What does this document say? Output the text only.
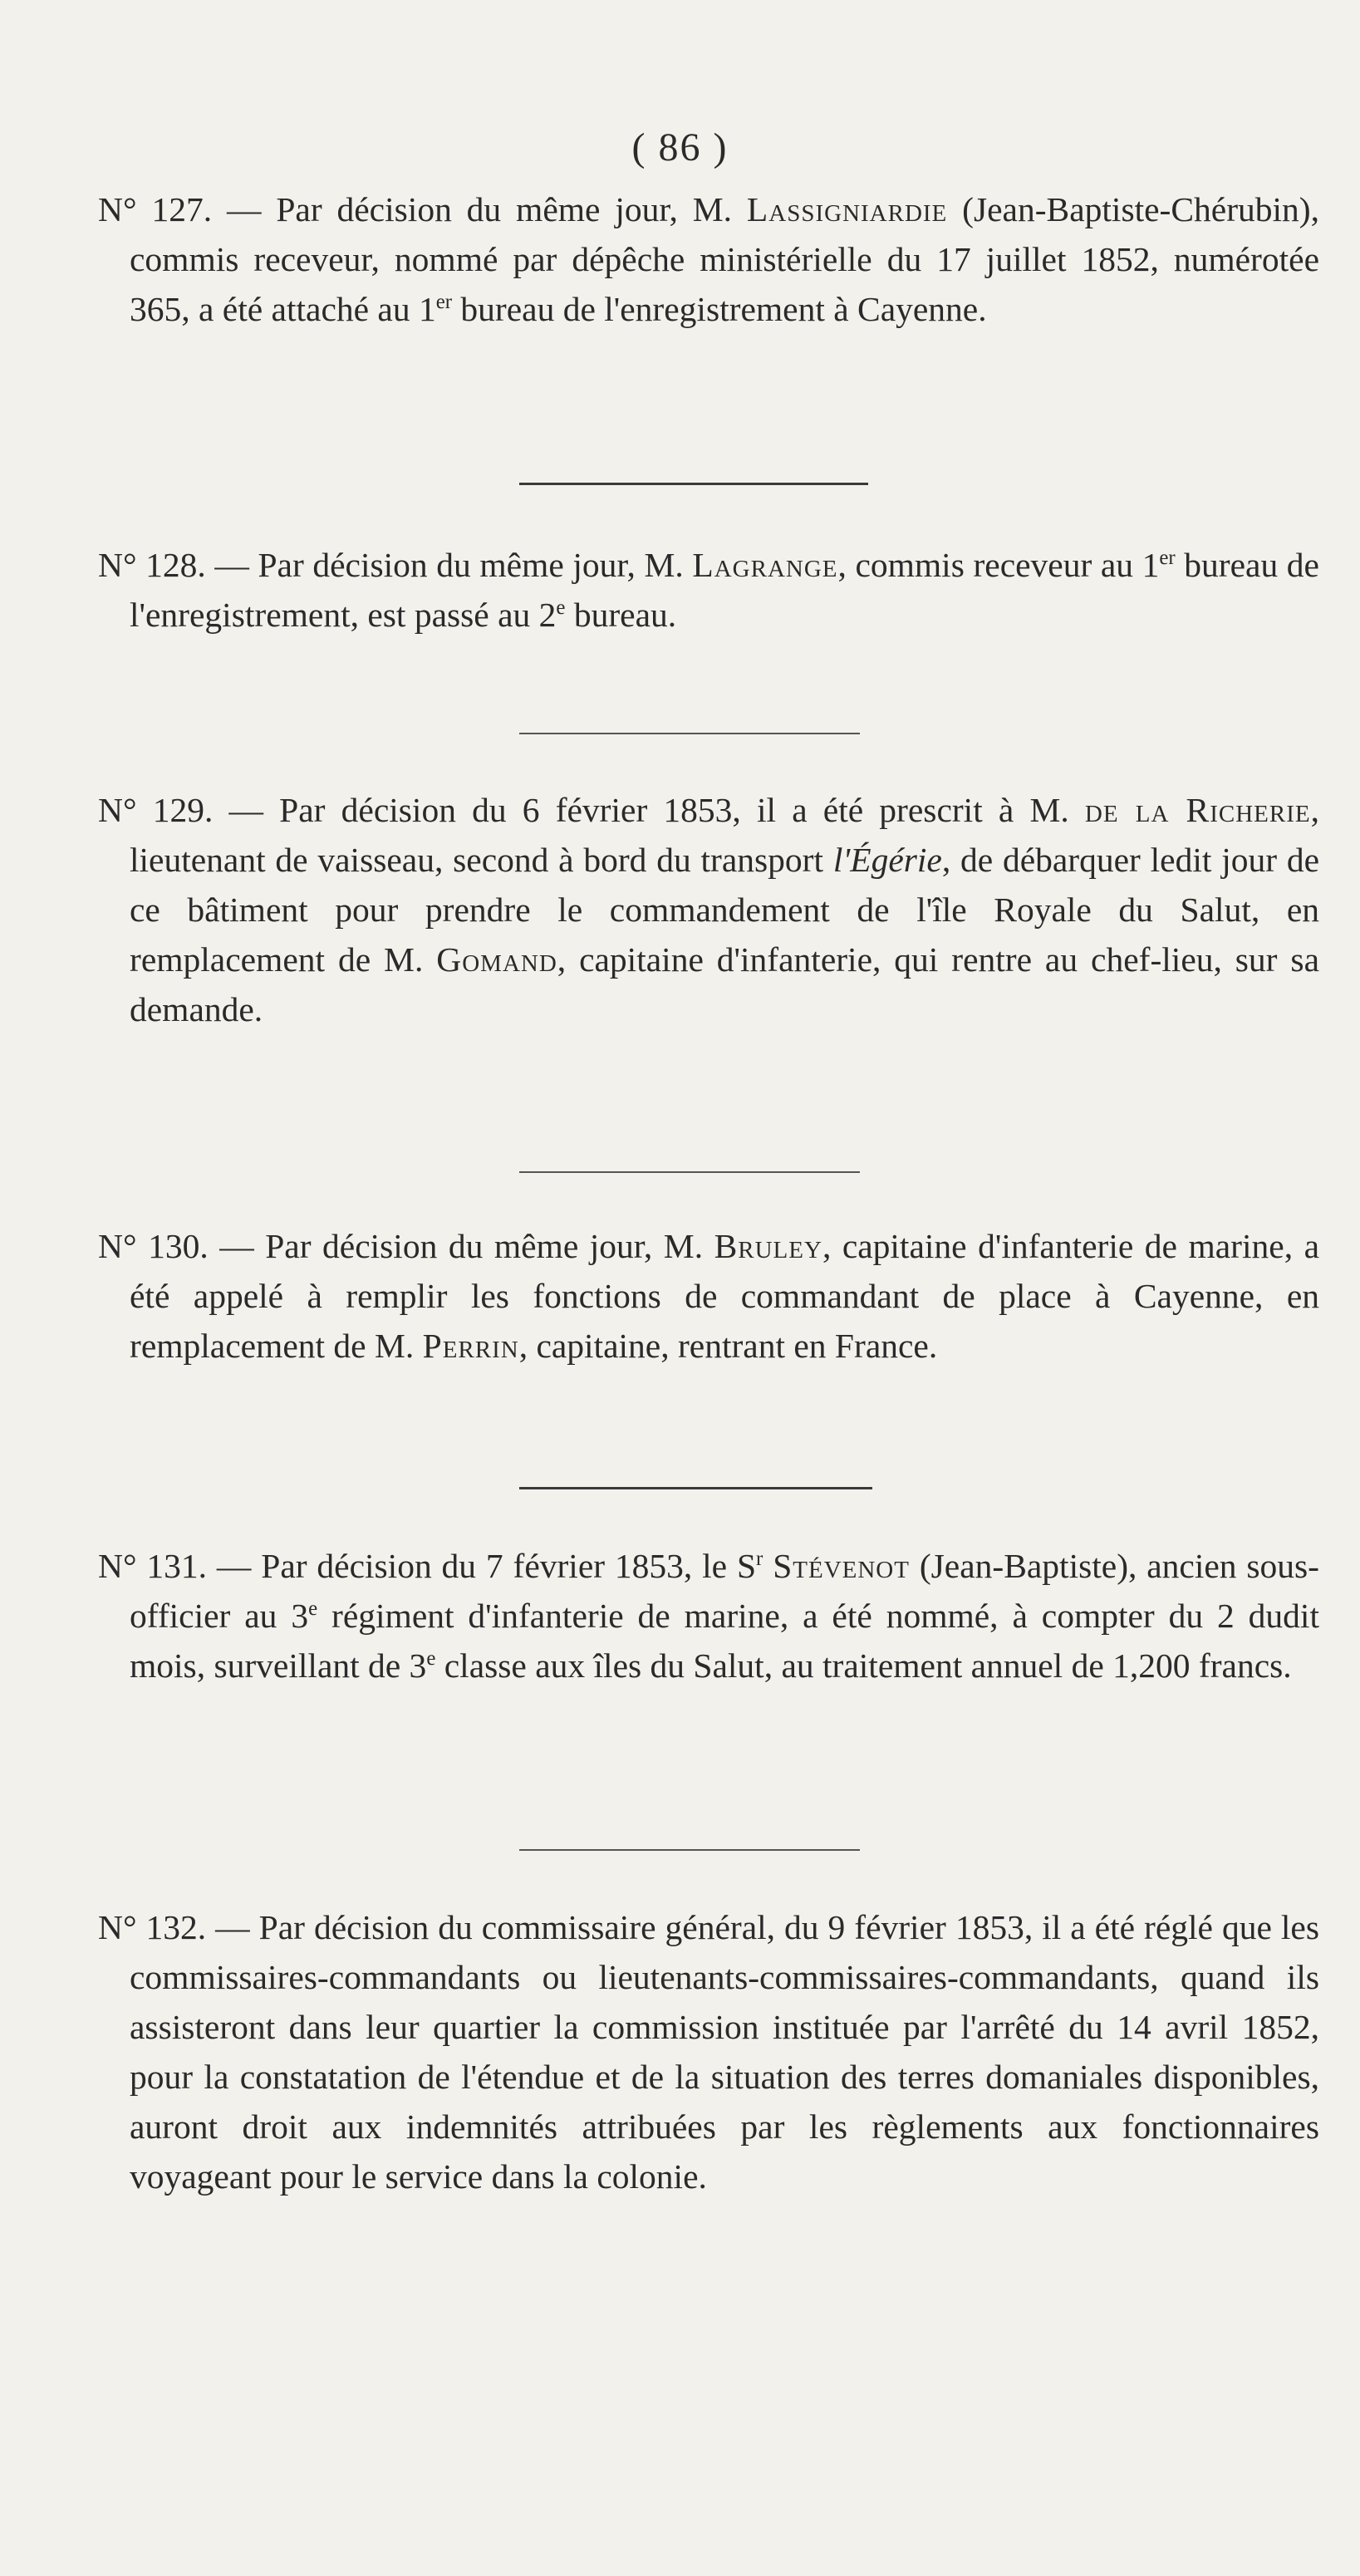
( 86 )

N° 127. — Par décision du même jour, M. Lassigniardie (Jean-Baptiste-Chérubin), commis receveur, nommé par dépêche ministérielle du 17 juillet 1852, numérotée 365, a été attaché au 1er bureau de l'enregistrement à Cayenne.

N° 128. — Par décision du même jour, M. Lagrange, commis receveur au 1er bureau de l'enregistrement, est passé au 2e bureau.

N° 129. — Par décision du 6 février 1853, il a été prescrit à M. de la Richerie, lieutenant de vaisseau, second à bord du transport l'Égérie, de débarquer ledit jour de ce bâtiment pour prendre le commandement de l'île Royale du Salut, en remplacement de M. Gomand, capitaine d'infanterie, qui rentre au chef-lieu, sur sa demande.

N° 130. — Par décision du même jour, M. Bruley, capitaine d'infanterie de marine, a été appelé à remplir les fonctions de commandant de place à Cayenne, en remplacement de M. Perrin, capitaine, rentrant en France.

N° 131. — Par décision du 7 février 1853, le $S^r$ Stévenot (Jean-Baptiste), ancien sous-officier au 3e régiment d'infanterie de marine, a été nommé, à compter du 2 dudit mois, surveillant de 3e classe aux îles du Salut, au traitement annuel de 1,200 francs.

N° 132. — Par décision du commissaire général, du 9 février 1853, il a été réglé que les commissaires-commandants ou lieutenants-commissaires-commandants, quand ils assisteront dans leur quartier la commission instituée par l'arrêté du 14 avril 1852, pour la constatation de l'étendue et de la situation des terres domaniales disponibles, auront droit aux indemnités attribuées par les règlements aux fonctionnaires voyageant pour le service dans la colonie.
